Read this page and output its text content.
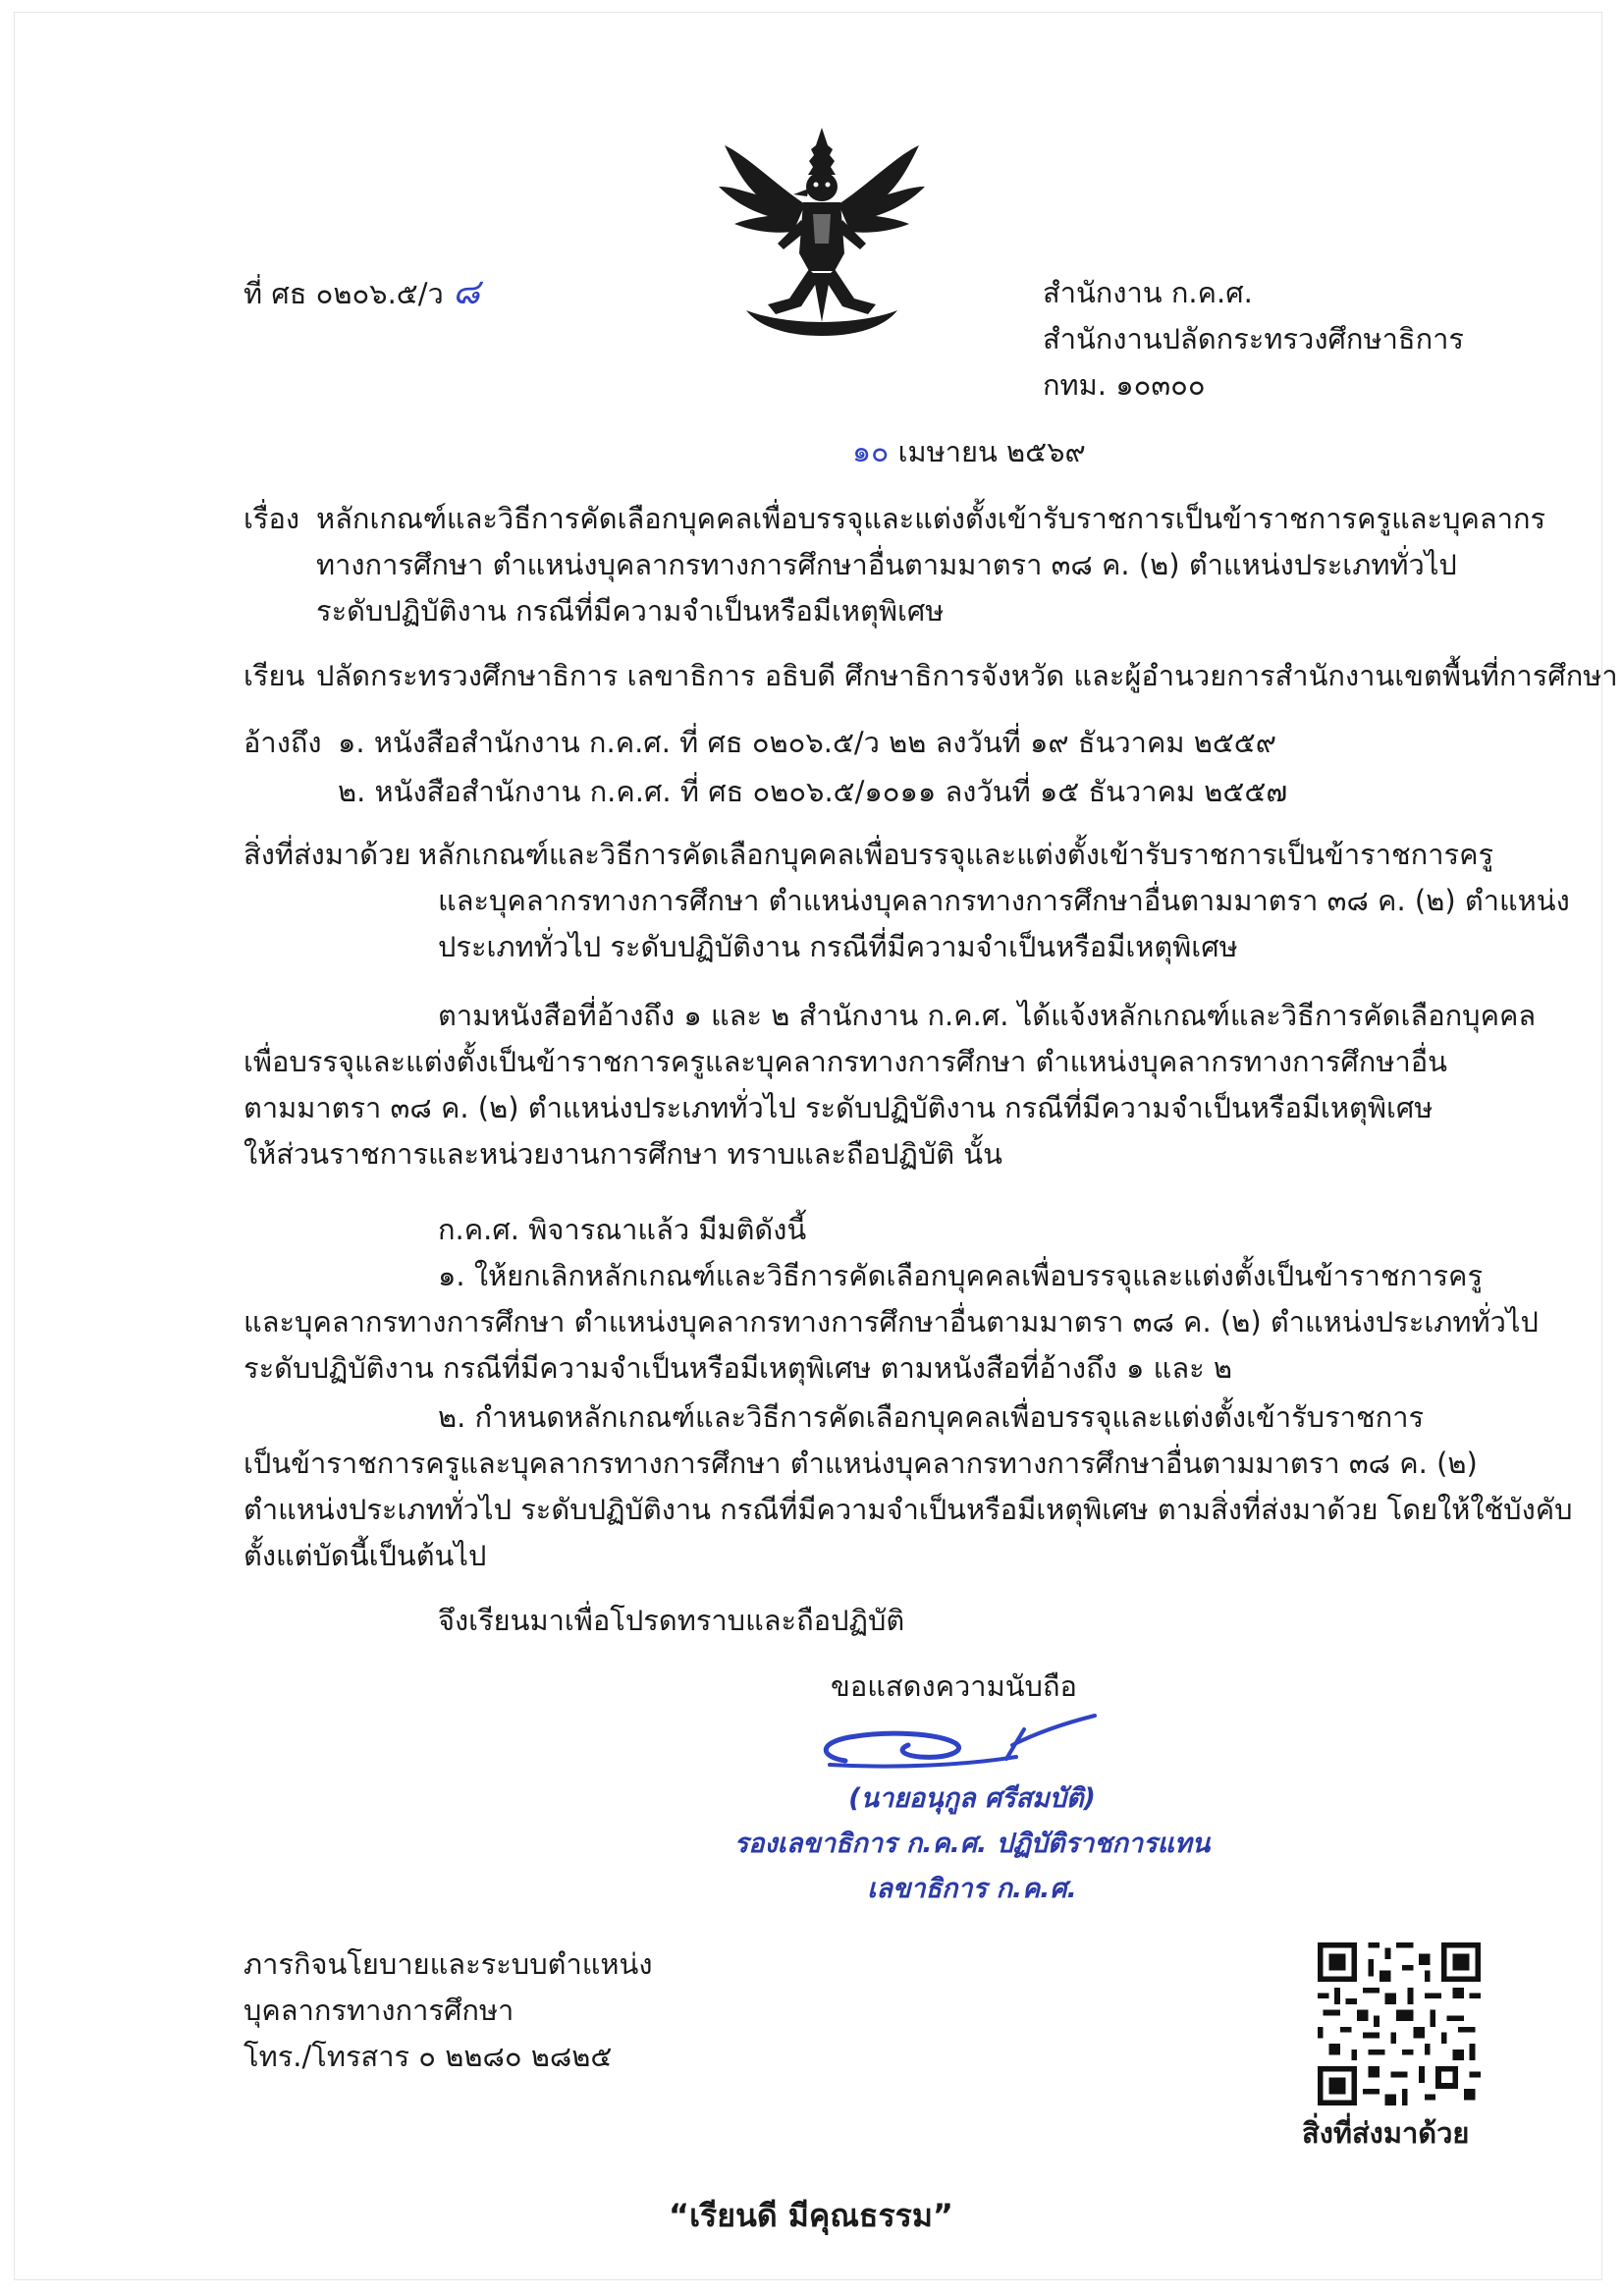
ที่ ศธ ๐๒๐๖.๕/ว ๘	สำนักงาน ก.ค.ศ.
สำนักงานปลัดกระทรวงศึกษาธิการ
กทม. ๑๐๓๐๐
๑๐ เมษายน ๒๕๖๙
เรื่อง หลักเกณฑ์และวิธีการคัดเลือกบุคคลเพื่อบรรจุและแต่งตั้งเข้ารับราชการเป็นข้าราชการครูและบุคลากร
ทางการศึกษา ตำแหน่งบุคลากรทางการศึกษาอื่นตามมาตรา ๓๘ ค. (๒) ตำแหน่งประเภททั่วไป
ระดับปฏิบัติงาน กรณีที่มีความจำเป็นหรือมีเหตุพิเศษ
เรียน ปลัดกระทรวงศึกษาธิการ เลขาธิการ อธิบดี ศึกษาธิการจังหวัด และผู้อำนวยการสำนักงานเขตพื้นที่การศึกษา
อ้างถึง ๑. หนังสือสำนักงาน ก.ค.ศ. ที่ ศธ ๐๒๐๖.๕/ว ๒๒ ลงวันที่ ๑๙ ธันวาคม ๒๕๕๙
๒. หนังสือสำนักงาน ก.ค.ศ. ที่ ศธ ๐๒๐๖.๕/๑๐๑๑ ลงวันที่ ๑๕ ธันวาคม ๒๕๕๗
สิ่งที่ส่งมาด้วย หลักเกณฑ์และวิธีการคัดเลือกบุคคลเพื่อบรรจุและแต่งตั้งเข้ารับราชการเป็นข้าราชการครู
และบุคลากรทางการศึกษา ตำแหน่งบุคลากรทางการศึกษาอื่นตามมาตรา ๓๘ ค. (๒) ตำแหน่ง
ประเภททั่วไป ระดับปฏิบัติงาน กรณีที่มีความจำเป็นหรือมีเหตุพิเศษ
ตามหนังสือที่อ้างถึง ๑ และ ๒ สำนักงาน ก.ค.ศ. ได้แจ้งหลักเกณฑ์และวิธีการคัดเลือกบุคคล
เพื่อบรรจุและแต่งตั้งเป็นข้าราชการครูและบุคลากรทางการศึกษา ตำแหน่งบุคลากรทางการศึกษาอื่น
ตามมาตรา ๓๘ ค. (๒) ตำแหน่งประเภททั่วไป ระดับปฏิบัติงาน กรณีที่มีความจำเป็นหรือมีเหตุพิเศษ
ให้ส่วนราชการและหน่วยงานการศึกษา ทราบและถือปฏิบัติ นั้น
ก.ค.ศ. พิจารณาแล้ว มีมติดังนี้
๑. ให้ยกเลิกหลักเกณฑ์และวิธีการคัดเลือกบุคคลเพื่อบรรจุและแต่งตั้งเป็นข้าราชการครู
และบุคลากรทางการศึกษา ตำแหน่งบุคลากรทางการศึกษาอื่นตามมาตรา ๓๘ ค. (๒) ตำแหน่งประเภททั่วไป
ระดับปฏิบัติงาน กรณีที่มีความจำเป็นหรือมีเหตุพิเศษ ตามหนังสือที่อ้างถึง ๑ และ ๒
๒. กำหนดหลักเกณฑ์และวิธีการคัดเลือกบุคคลเพื่อบรรจุและแต่งตั้งเข้ารับราชการ
เป็นข้าราชการครูและบุคลากรทางการศึกษา ตำแหน่งบุคลากรทางการศึกษาอื่นตามมาตรา ๓๘ ค. (๒)
ตำแหน่งประเภททั่วไป ระดับปฏิบัติงาน กรณีที่มีความจำเป็นหรือมีเหตุพิเศษ ตามสิ่งที่ส่งมาด้วย โดยให้ใช้บังคับ
ตั้งแต่บัดนี้เป็นต้นไป
จึงเรียนมาเพื่อโปรดทราบและถือปฏิบัติ
ขอแสดงความนับถือ
(นายอนุกูล ศรีสมบัติ)
รองเลขาธิการ ก.ค.ศ. ปฏิบัติราชการแทน
เลขาธิการ ก.ค.ศ.
ภารกิจนโยบายและระบบตำแหน่ง
บุคลากรทางการศึกษา
โทร./โทรสาร ๐ ๒๒๘๐ ๒๘๒๕
สิ่งที่ส่งมาด้วย
“เรียนดี มีคุณธรรม”
